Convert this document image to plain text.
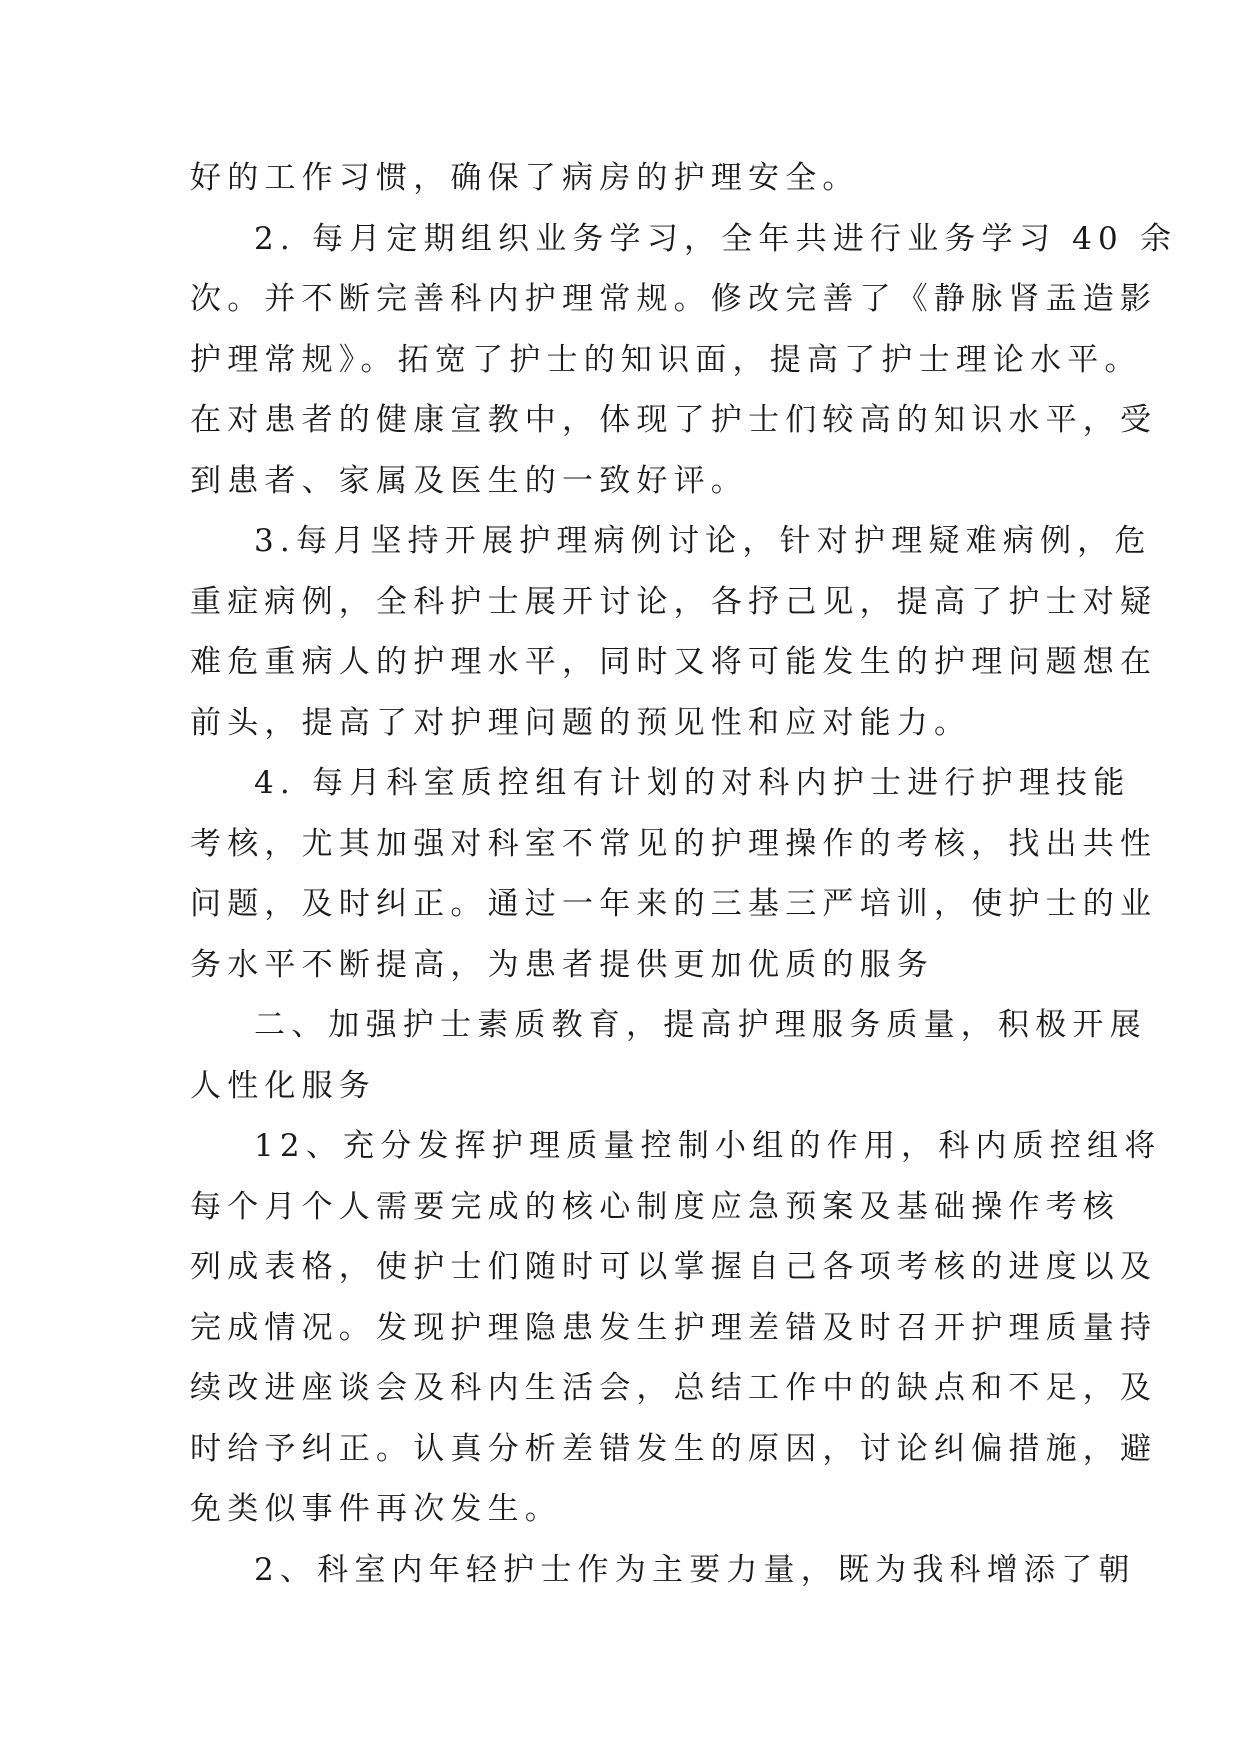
好的工作习惯，确保了病房的护理安全。
2. 每月定期组织业务学习，全年共进行业务学习 40 余
次。并不断完善科内护理常规。修改完善了《静脉肾盂造影
护理常规》。拓宽了护士的知识面，提高了护士理论水平。
在对患者的健康宣教中，体现了护士们较高的知识水平，受
到患者、家属及医生的一致好评。
3.每月坚持开展护理病例讨论，针对护理疑难病例，危
重症病例，全科护士展开讨论，各抒己见，提高了护士对疑
难危重病人的护理水平，同时又将可能发生的护理问题想在
前头，提高了对护理问题的预见性和应对能力。
4. 每月科室质控组有计划的对科内护士进行护理技能
考核，尤其加强对科室不常见的护理操作的考核，找出共性
问题，及时纠正。通过一年来的三基三严培训，使护士的业
务水平不断提高，为患者提供更加优质的服务
二、加强护士素质教育，提高护理服务质量，积极开展
人性化服务
12、充分发挥护理质量控制小组的作用，科内质控组将
每个月个人需要完成的核心制度应急预案及基础操作考核
列成表格，使护士们随时可以掌握自己各项考核的进度以及
完成情况。发现护理隐患发生护理差错及时召开护理质量持
续改进座谈会及科内生活会，总结工作中的缺点和不足，及
时给予纠正。认真分析差错发生的原因，讨论纠偏措施，避
免类似事件再次发生。
2、科室内年轻护士作为主要力量，既为我科增添了朝
